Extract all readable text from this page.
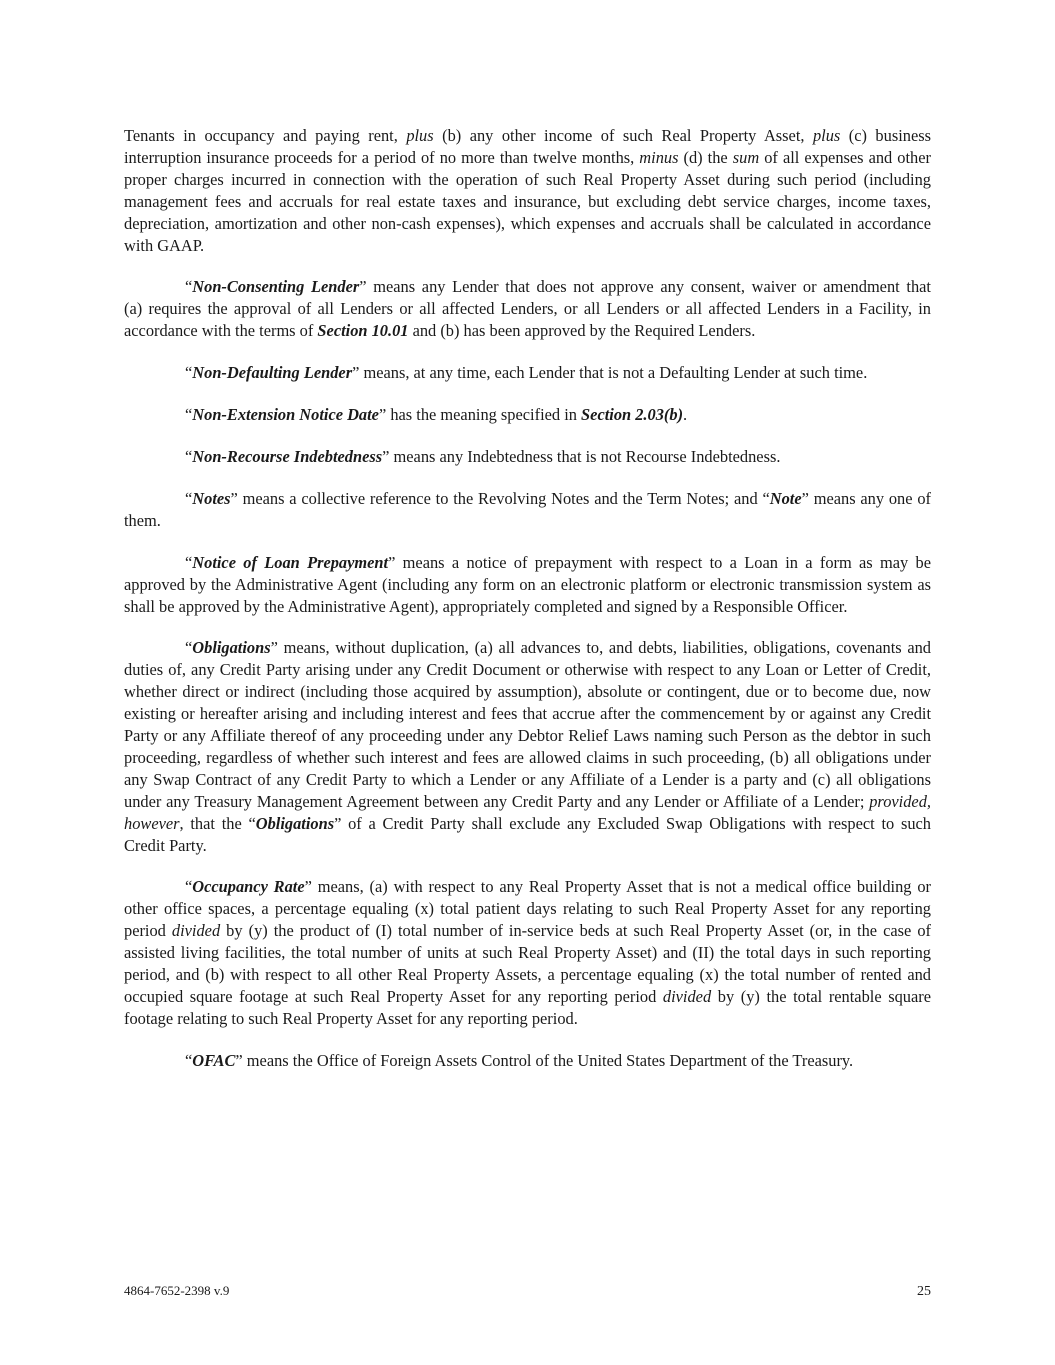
Tenants in occupancy and paying rent, plus (b) any other income of such Real Property Asset, plus (c) business interruption insurance proceeds for a period of no more than twelve months, minus (d) the sum of all expenses and other proper charges incurred in connection with the operation of such Real Property Asset during such period (including management fees and accruals for real estate taxes and insurance, but excluding debt service charges, income taxes, depreciation, amortization and other non-cash expenses), which expenses and accruals shall be calculated in accordance with GAAP.

“Non-Consenting Lender” means any Lender that does not approve any consent, waiver or amendment that (a) requires the approval of all Lenders or all affected Lenders, or all Lenders or all affected Lenders in a Facility, in accordance with the terms of Section 10.01 and (b) has been approved by the Required Lenders.

“Non-Defaulting Lender” means, at any time, each Lender that is not a Defaulting Lender at such time.

“Non-Extension Notice Date” has the meaning specified in Section 2.03(b).

“Non-Recourse Indebtedness” means any Indebtedness that is not Recourse Indebtedness.

“Notes” means a collective reference to the Revolving Notes and the Term Notes; and “Note” means any one of them.

“Notice of Loan Prepayment” means a notice of prepayment with respect to a Loan in a form as may be approved by the Administrative Agent (including any form on an electronic platform or electronic transmission system as shall be approved by the Administrative Agent), appropriately completed and signed by a Responsible Officer.

“Obligations” means, without duplication, (a) all advances to, and debts, liabilities, obligations, covenants and duties of, any Credit Party arising under any Credit Document or otherwise with respect to any Loan or Letter of Credit, whether direct or indirect (including those acquired by assumption), absolute or contingent, due or to become due, now existing or hereafter arising and including interest and fees that accrue after the commencement by or against any Credit Party or any Affiliate thereof of any proceeding under any Debtor Relief Laws naming such Person as the debtor in such proceeding, regardless of whether such interest and fees are allowed claims in such proceeding, (b) all obligations under any Swap Contract of any Credit Party to which a Lender or any Affiliate of a Lender is a party and (c) all obligations under any Treasury Management Agreement between any Credit Party and any Lender or Affiliate of a Lender; provided, however, that the “Obligations” of a Credit Party shall exclude any Excluded Swap Obligations with respect to such Credit Party.

“Occupancy Rate” means, (a) with respect to any Real Property Asset that is not a medical office building or other office spaces, a percentage equaling (x) total patient days relating to such Real Property Asset for any reporting period divided by (y) the product of (I) total number of in-service beds at such Real Property Asset (or, in the case of assisted living facilities, the total number of units at such Real Property Asset) and (II) the total days in such reporting period, and (b) with respect to all other Real Property Assets, a percentage equaling (x) the total number of rented and occupied square footage at such Real Property Asset for any reporting period divided by (y) the total rentable square footage relating to such Real Property Asset for any reporting period.

“OFAC” means the Office of Foreign Assets Control of the United States Department of the Treasury.

4864-7652-2398 v.9	25
